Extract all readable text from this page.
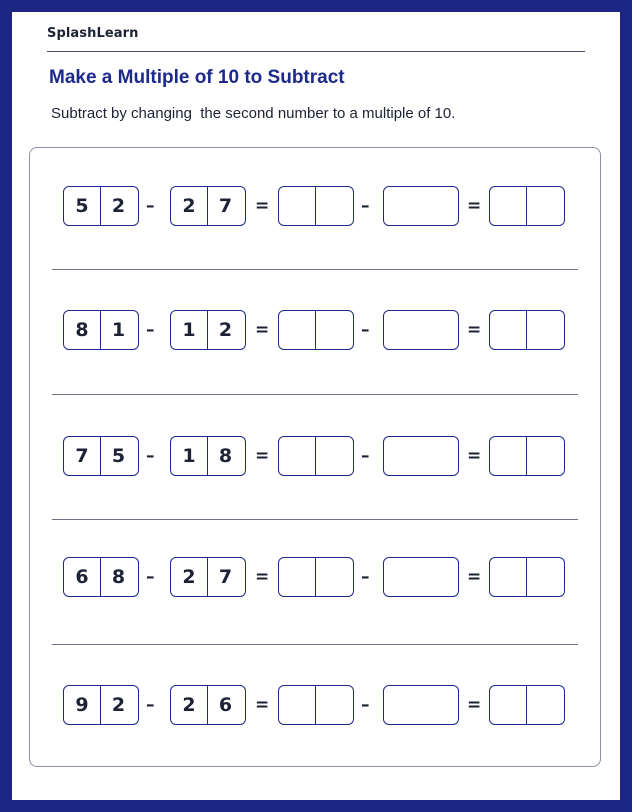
SplashLearn
Make a Multiple of 10 to Subtract
Subtract by changing  the second number to a multiple of 10.
5	2	–	2	7	=	–	=
8	1	–	1	2	=	–	=
7	5	–	1	8	=	–	=
6	8	–	2	7	=	–	=
9	2	–	2	6	=	–	=
